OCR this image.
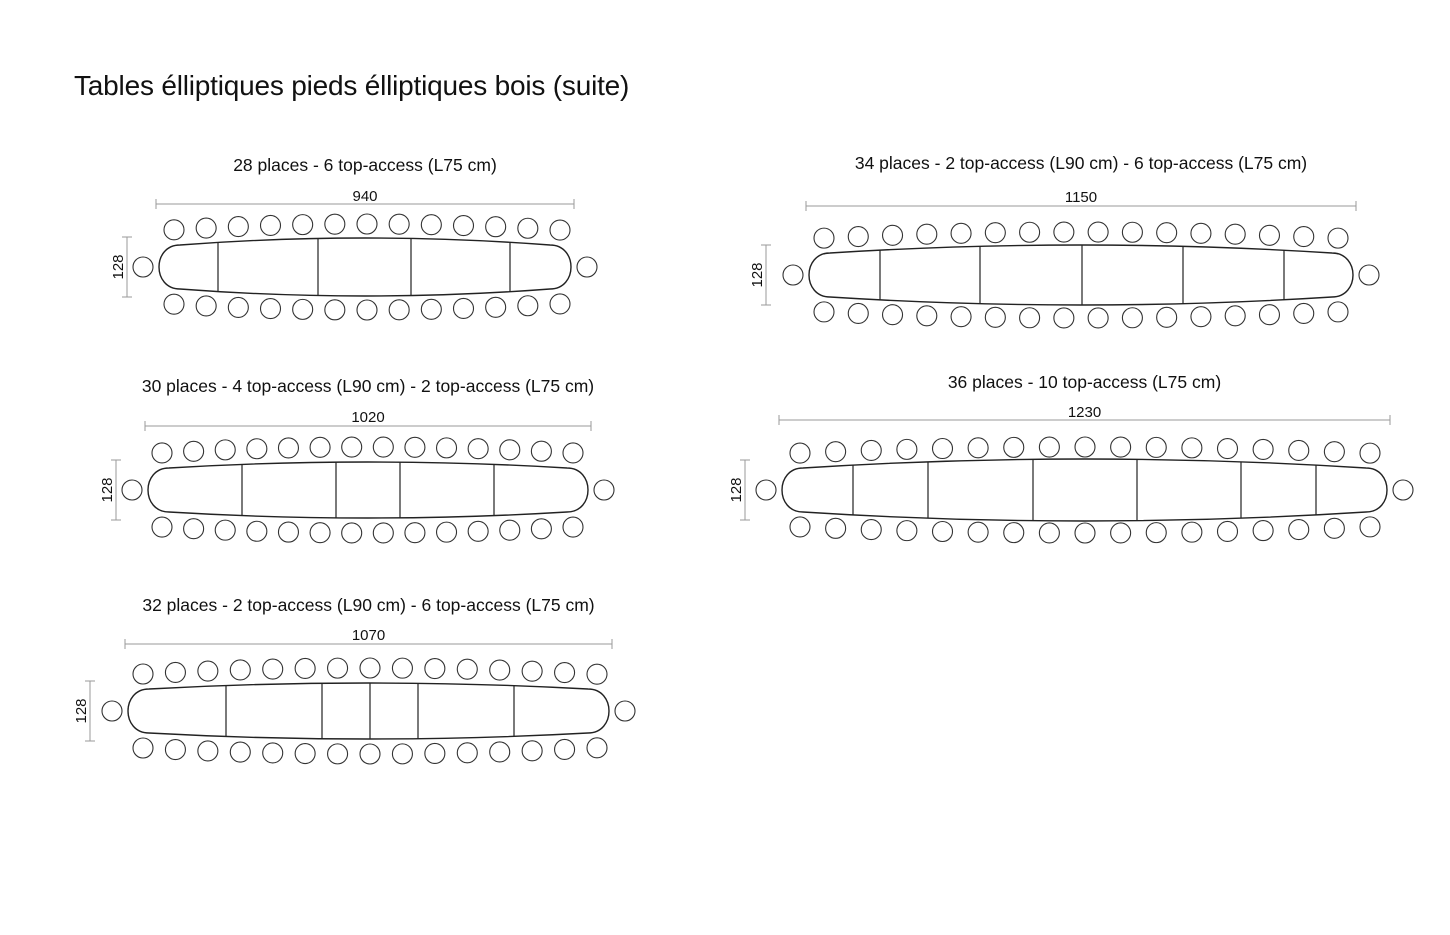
Tables élliptiques pieds élliptiques bois (suite)
28 places - 6 top-access (L75 cm)
940
128
30 places - 4 top-access (L90 cm) - 2 top-access (L75 cm)
1020
128
32 places - 2 top-access (L90 cm) - 6 top-access (L75 cm)
1070
128
34 places - 2 top-access (L90 cm) - 6 top-access (L75 cm)
1150
128
36 places - 10 top-access (L75 cm)
1230
128
